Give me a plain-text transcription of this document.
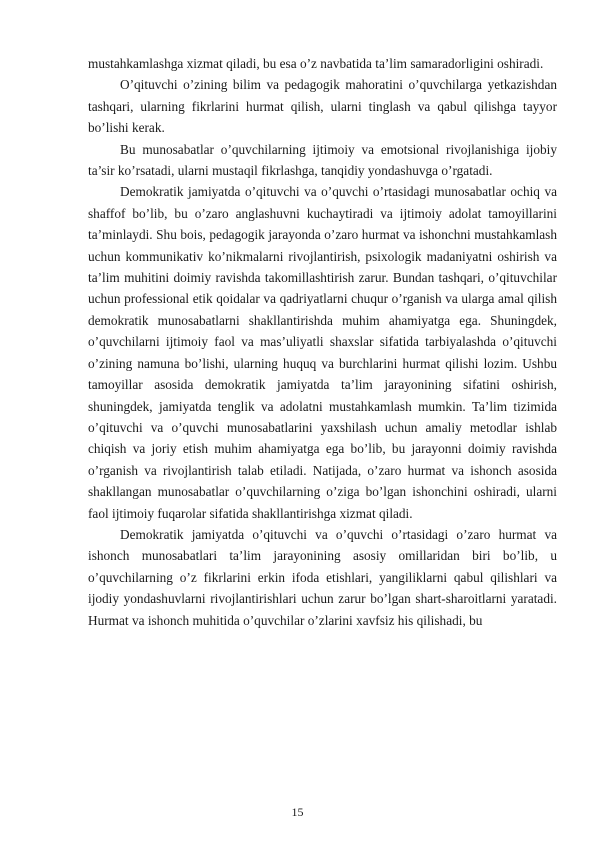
mustahkamlashga xizmat qiladi, bu esa o’z navbatida ta’lim samaradorligini oshiradi.

O’qituvchi o’zining bilim va pedagogik mahoratini o’quvchilarga yetkazishdan tashqari, ularning fikrlarini hurmat qilish, ularni tinglash va qabul qilishga tayyor bo’lishi kerak.

Bu munosabatlar o’quvchilarning ijtimoiy va emotsional rivojlanishiga ijobiy ta’sir ko’rsatadi, ularni mustaqil fikrlashga, tanqidiy yondashuvga o’rgatadi.

Demokratik jamiyatda o’qituvchi va o’quvchi o’rtasidagi munosabatlar ochiq va shaffof bo’lib, bu o’zaro anglashuvni kuchaytiradi va ijtimoiy adolat tamoyillarini ta’minlaydi. Shu bois, pedagogik jarayonda o’zaro hurmat va ishonchni mustahkamlash uchun kommunikativ ko’nikmalarni rivojlantirish, psixologik madaniyatni oshirish va ta’lim muhitini doimiy ravishda takomillashtirish zarur. Bundan tashqari, o’qituvchilar uchun professional etik qoidalar va qadriyatlarni chuqur o’rganish va ularga amal qilish demokratik munosabatlarni shakllantirishda muhim ahamiyatga ega. Shuningdek, o’quvchilarni ijtimoiy faol va mas’uliyatli shaxslar sifatida tarbiyalashda o’qituvchi o’zining namuna bo’lishi, ularning huquq va burchlarini hurmat qilishi lozim. Ushbu tamoyillar asosida demokratik jamiyatda ta’lim jarayonining sifatini oshirish, shuningdek, jamiyatda tenglik va adolatni mustahkamlash mumkin. Ta’lim tizimida o’qituvchi va o’quvchi munosabatlarini yaxshilash uchun amaliy metodlar ishlab chiqish va joriy etish muhim ahamiyatga ega bo’lib, bu jarayonni doimiy ravishda o’rganish va rivojlantirish talab etiladi. Natijada, o’zaro hurmat va ishonch asosida shakllangan munosabatlar o’quvchilarning o’ziga bo’lgan ishonchini oshiradi, ularni faol ijtimoiy fuqarolar sifatida shakllantirishga xizmat qiladi.

Demokratik jamiyatda o’qituvchi va o’quvchi o’rtasidagi o’zaro hurmat va ishonch munosabatlari ta’lim jarayonining asosiy omillaridan biri bo’lib, u o’quvchilarning o’z fikrlarini erkin ifoda etishlari, yangiliklarni qabul qilishlari va ijodiy yondashuvlarni rivojlantirishlari uchun zarur bo’lgan shart-sharoitlarni yaratadi. Hurmat va ishonch muhitida o’quvchilar o’zlarini xavfsiz his qilishadi, bu

15
